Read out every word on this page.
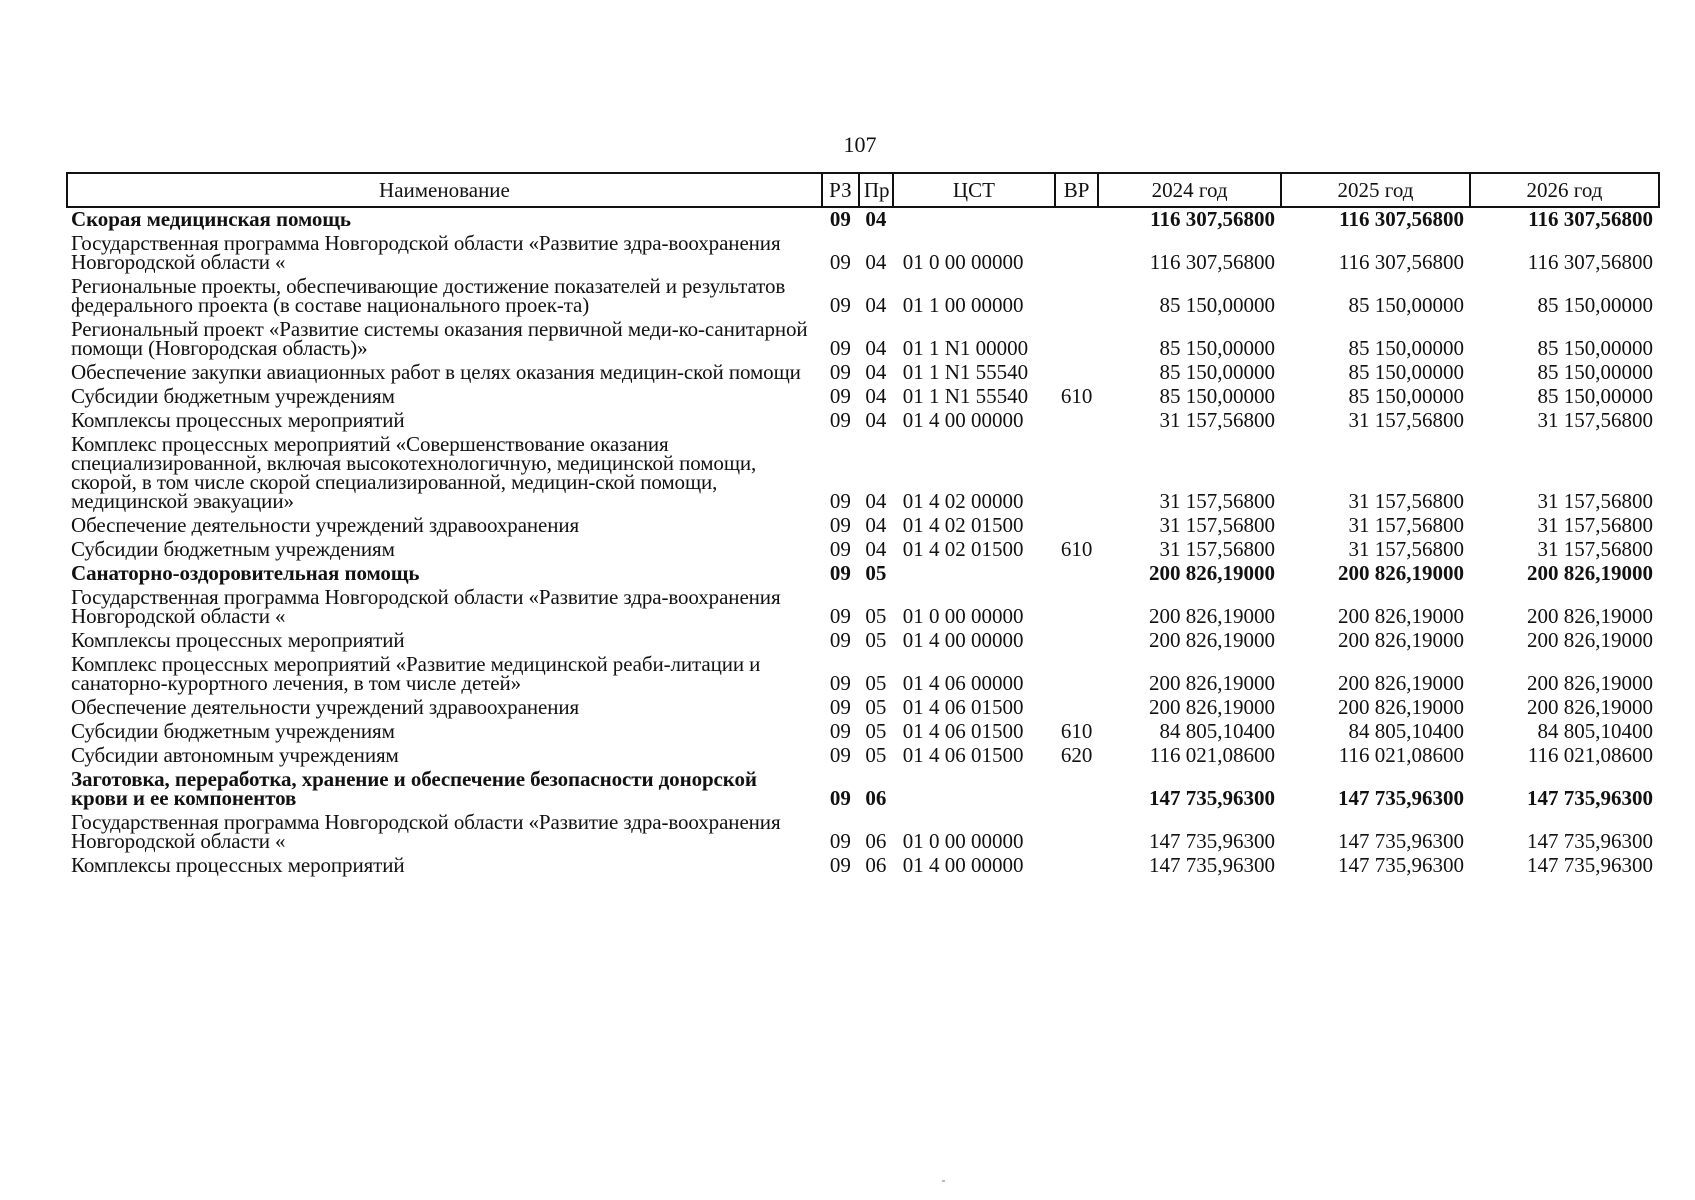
107
Наименование	РЗ	Пр	ЦСТ	ВР	2024 год	2025 год	2026 год
Скорая медицинская помощь	09	04			116 307,56800	116 307,56800	116 307,56800
Государственная программа Новгородской области «Развитие здра-воохранения Новгородской области «	09	04	01 0 00 00000		116 307,56800	116 307,56800	116 307,56800
Региональные проекты, обеспечивающие достижение показателей и результатов федерального проекта (в составе национального проек-та)	09	04	01 1 00 00000		85 150,00000	85 150,00000	85 150,00000
Региональный проект «Развитие системы оказания первичной меди-ко-санитарной помощи (Новгородская область)»	09	04	01 1 N1 00000		85 150,00000	85 150,00000	85 150,00000
Обеспечение закупки авиационных работ в целях оказания медицин-ской помощи	09	04	01 1 N1 55540		85 150,00000	85 150,00000	85 150,00000
Субсидии бюджетным учреждениям	09	04	01 1 N1 55540	610	85 150,00000	85 150,00000	85 150,00000
Комплексы процессных мероприятий	09	04	01 4 00 00000		31 157,56800	31 157,56800	31 157,56800
Комплекс процессных мероприятий «Совершенствование оказания специализированной, включая высокотехнологичную, медицинской помощи, скорой, в том числе скорой специализированной, медицин-ской помощи, медицинской эвакуации»	09	04	01 4 02 00000		31 157,56800	31 157,56800	31 157,56800
Обеспечение деятельности учреждений здравоохранения	09	04	01 4 02 01500		31 157,56800	31 157,56800	31 157,56800
Субсидии бюджетным учреждениям	09	04	01 4 02 01500	610	31 157,56800	31 157,56800	31 157,56800
Санаторно-оздоровительная помощь	09	05			200 826,19000	200 826,19000	200 826,19000
Государственная программа Новгородской области «Развитие здра-воохранения Новгородской области «	09	05	01 0 00 00000		200 826,19000	200 826,19000	200 826,19000
Комплексы процессных мероприятий	09	05	01 4 00 00000		200 826,19000	200 826,19000	200 826,19000
Комплекс процессных мероприятий «Развитие медицинской реаби-литации и санаторно-курортного лечения, в том числе детей»	09	05	01 4 06 00000		200 826,19000	200 826,19000	200 826,19000
Обеспечение деятельности учреждений здравоохранения	09	05	01 4 06 01500		200 826,19000	200 826,19000	200 826,19000
Субсидии бюджетным учреждениям	09	05	01 4 06 01500	610	84 805,10400	84 805,10400	84 805,10400
Субсидии автономным учреждениям	09	05	01 4 06 01500	620	116 021,08600	116 021,08600	116 021,08600
Заготовка, переработка, хранение и обеспечение безопасности донорской крови и ее компонентов	09	06			147 735,96300	147 735,96300	147 735,96300
Государственная программа Новгородской области «Развитие здра-воохранения Новгородской области «	09	06	01 0 00 00000		147 735,96300	147 735,96300	147 735,96300
Комплексы процессных мероприятий	09	06	01 4 00 00000		147 735,96300	147 735,96300	147 735,96300
